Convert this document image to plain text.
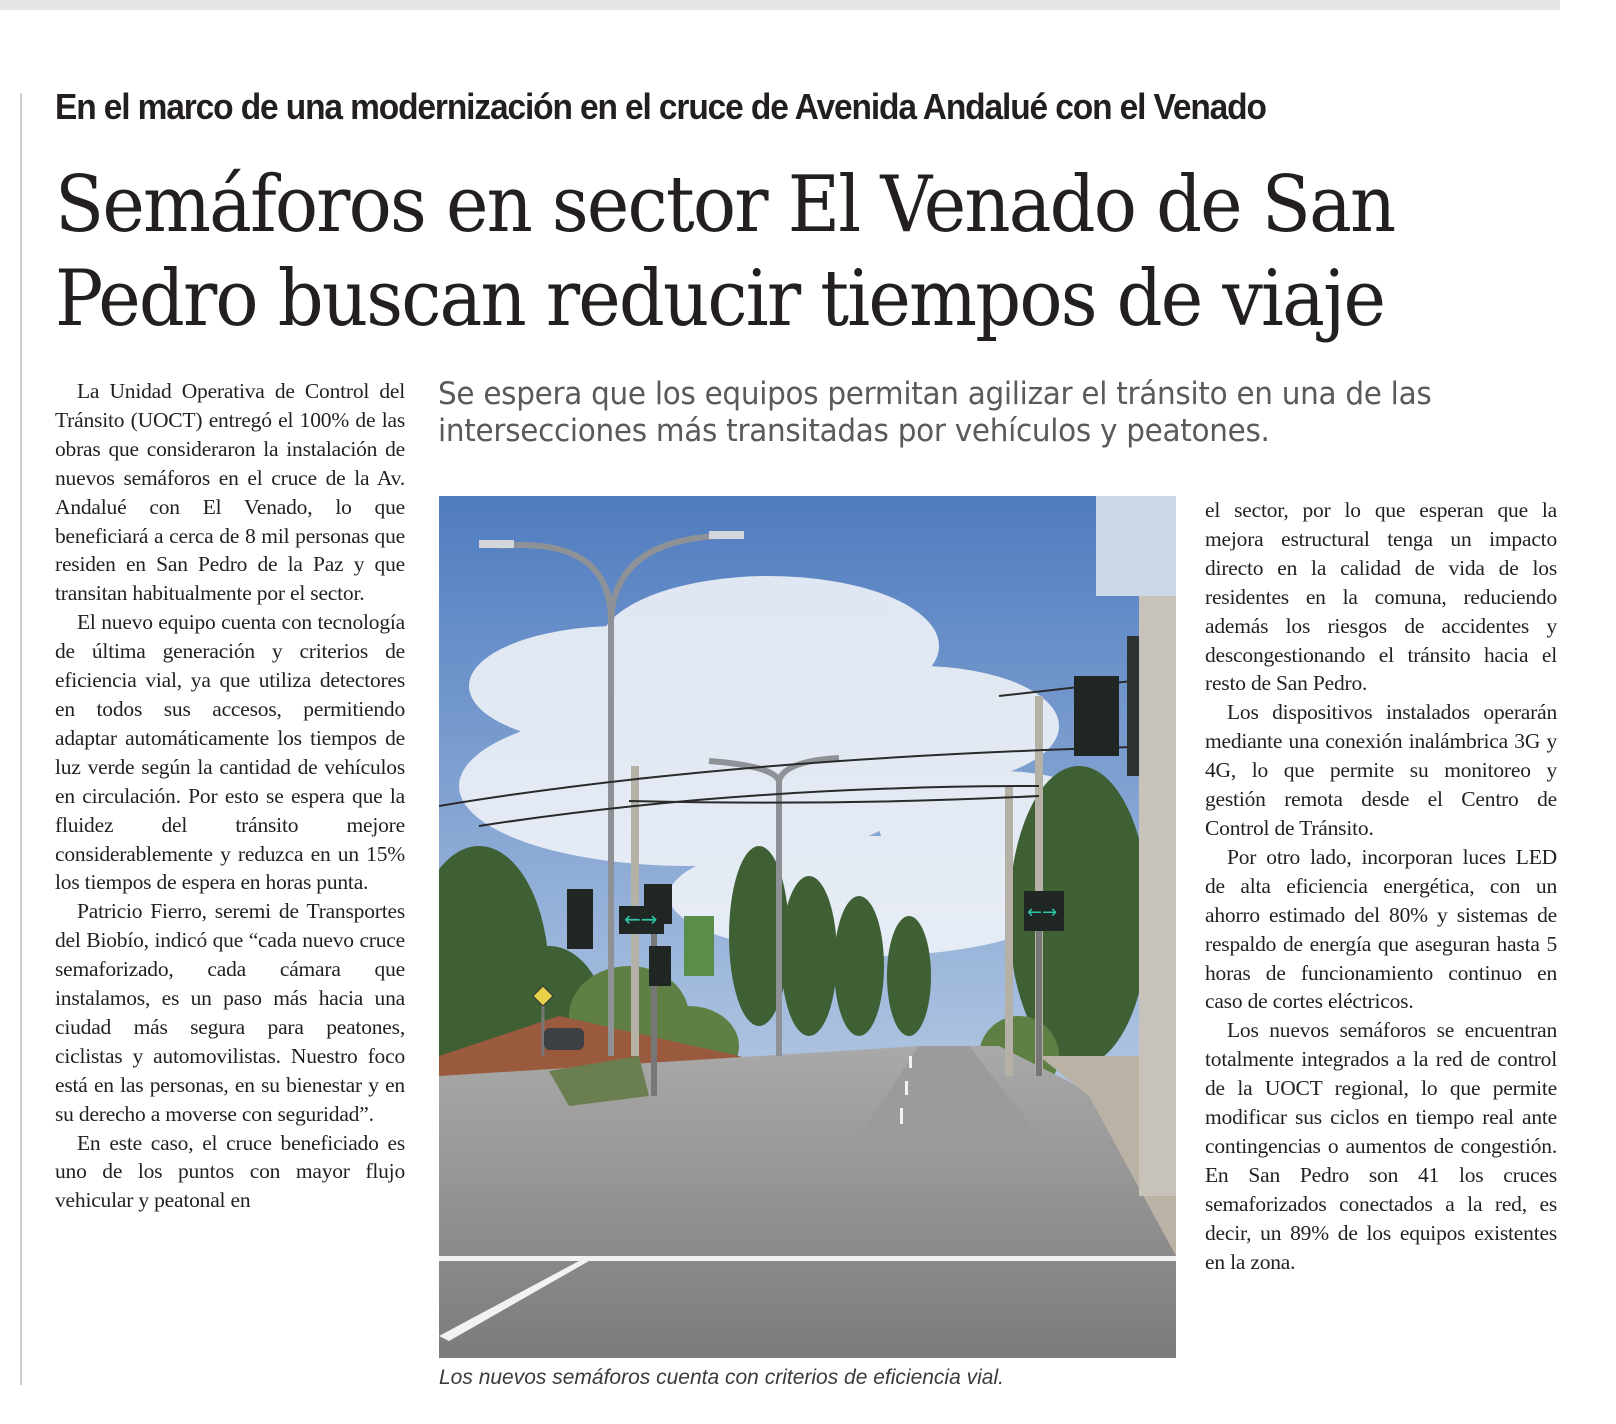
En el marco de una modernización en el cruce de Avenida Andalué con el Venado
Semáforos en sector El Venado de San
Pedro buscan reducir tiempos de viaje
Se espera que los equipos permitan agilizar el tránsito en una de las
intersecciones más transitadas por vehículos y peatones.

La Unidad Operativa de Control del Tránsito (UOCT) entregó el 100% de las obras que consideraron la instalación de nuevos semáforos en el cruce de la Av. Andalué con El Venado, lo que beneficiará a cerca de 8 mil personas que residen en San Pedro de la Paz y que transitan habitualmente por el sector.

El nuevo equipo cuenta con tecnología de última generación y criterios de eficiencia vial, ya que utiliza detectores en todos sus accesos, permitiendo adaptar automáticamente los tiempos de luz verde según la cantidad de vehículos en circulación. Por esto se espera que la fluidez del tránsito mejore considerablemente y reduzca en un 15% los tiempos de espera en horas punta.

Patricio Fierro, seremi de Transportes del Biobío, indicó que “cada nuevo cruce semaforizado, cada cámara que instalamos, es un paso más hacia una ciudad más segura para peatones, ciclistas y automovilistas. Nuestro foco está en las personas, en su bienestar y en su derecho a moverse con seguridad”.

En este caso, el cruce beneficiado es uno de los puntos con mayor flujo vehicular y peatonal en

←→	←→
Los nuevos semáforos cuenta con criterios de eficiencia vial.

el sector, por lo que esperan que la mejora estructural tenga un impacto directo en la calidad de vida de los residentes en la comuna, reduciendo además los riesgos de accidentes y descongestionando el tránsito hacia el resto de San Pedro.

Los dispositivos instalados operarán mediante una conexión inalámbrica 3G y 4G, lo que permite su monitoreo y gestión remota desde el Centro de Control de Tránsito.

Por otro lado, incorporan luces LED de alta eficiencia energética, con un ahorro estimado del 80% y sistemas de respaldo de energía que aseguran hasta 5 horas de funcionamiento continuo en caso de cortes eléctricos.

Los nuevos semáforos se encuentran totalmente integrados a la red de control de la UOCT regional, lo que permite modificar sus ciclos en tiempo real ante contingencias o aumentos de congestión. En San Pedro son 41 los cruces semaforizados conectados a la red, es decir, un 89% de los equipos existentes en la zona.
